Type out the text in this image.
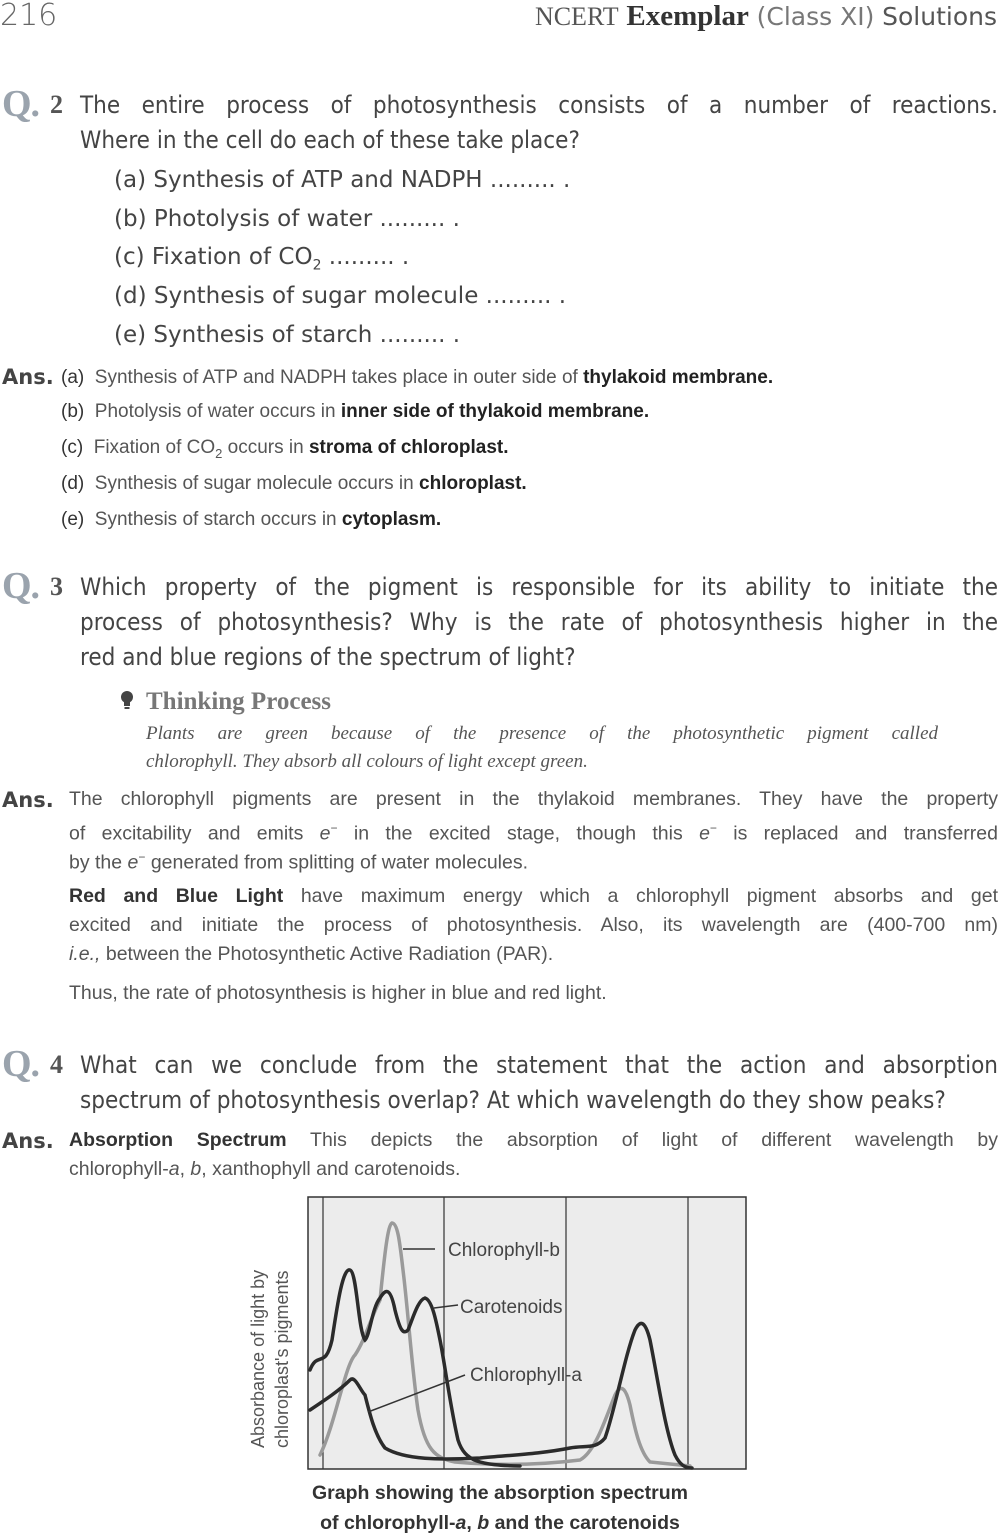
216	NCERT Exemplar (Class XI) Solutions
Q. 2 The entire process of photosynthesis consists of a number of reactions.
Where in the cell do each of these take place?
(a) Synthesis of ATP and NADPH ......... .
(b) Photolysis of water ......... .
(c) Fixation of $CO_2$ ......... .
(d) Synthesis of sugar molecule ......... .
(e) Synthesis of starch ......... .
Ans. (a) Synthesis of ATP and NADPH takes place in outer side of thylakoid membrane.
(b) Photolysis of water occurs in inner side of thylakoid membrane.
(c) Fixation of $CO_2$ occurs in stroma of chloroplast.
(d) Synthesis of sugar molecule occurs in chloroplast.
(e) Synthesis of starch occurs in cytoplasm.
Q. 3 Which property of the pigment is responsible for its ability to initiate the
process of photosynthesis? Why is the rate of photosynthesis higher in the
red and blue regions of the spectrum of light?
Thinking Process
Plants are green because of the presence of the photosynthetic pigment called
chlorophyll. They absorb all colours of light except green.
Ans. The chlorophyll pigments are present in the thylakoid membranes. They have the property
of excitability and emits e− in the excited stage, though this e− is replaced and transferred
by the e− generated from splitting of water molecules.
Red and Blue Light have maximum energy which a chlorophyll pigment absorbs and get
excited and initiate the process of photosynthesis. Also, its wavelength are (400-700 nm)
i.e., between the Photosynthetic Active Radiation (PAR).
Thus, the rate of photosynthesis is higher in blue and red light.
Q. 4 What can we conclude from the statement that the action and absorption
spectrum of photosynthesis overlap? At which wavelength do they show peaks?
Ans. Absorption Spectrum This depicts the absorption of light of different wavelength by
chlorophyll-a, b, xanthophyll and carotenoids.
Chlorophyll-b
Carotenoids
Chlorophyll-a
Absorbance of light by chloroplast's pigments
Graph showing the absorption spectrum
of chlorophyll-a, b and the carotenoids
